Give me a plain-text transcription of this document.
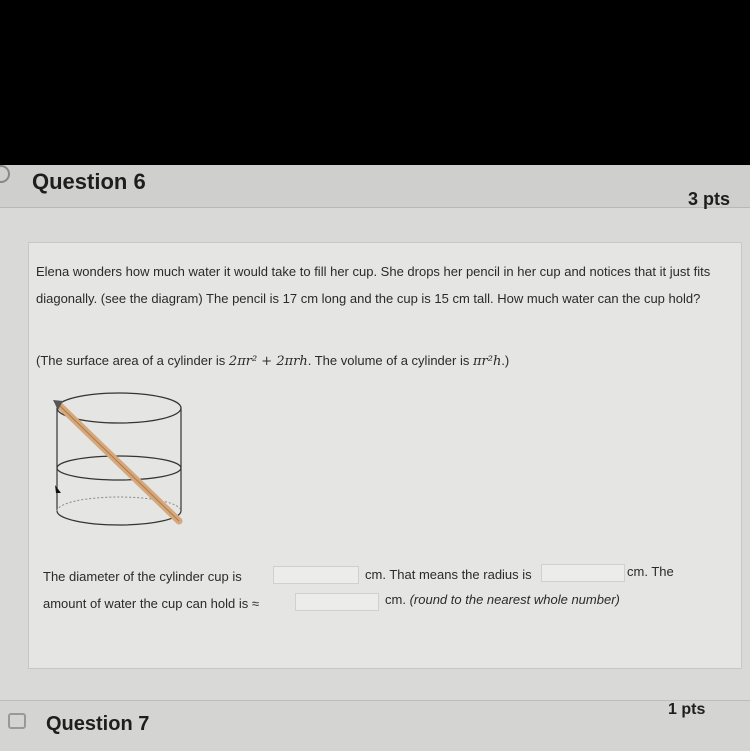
Question 6
3 pts
Elena wonders how much water it would take to fill her cup. She drops her pencil in her cup and notices that it just fits diagonally. (see the diagram) The pencil is 17 cm long and the cup is 15 cm tall. How much water can the cup hold?
(The surface area of a cylinder is 2πr² + 2πrh. The volume of a cylinder is πr²h.)
The diameter of the cylinder cup is	cm. That means the radius is	cm. The
amount of water the cup can hold is ≈	cm. (round to the nearest whole number)
Question 7
1 pts
